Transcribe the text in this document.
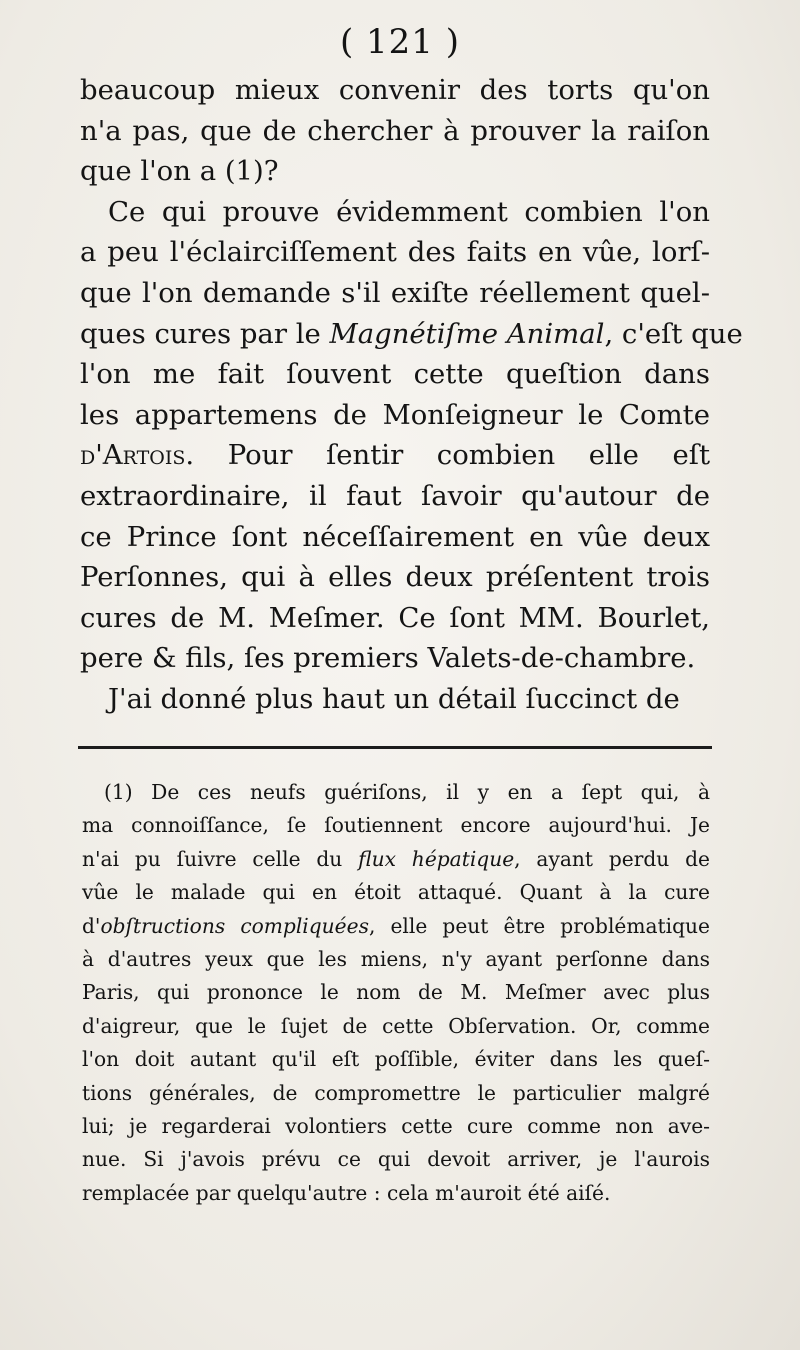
( 121 )
beaucoup mieux convenir des torts qu'on
n'a pas, que de chercher à prouver la raiſon
que l'on a (1)?
Ce qui prouve évidemment combien l'on
a peu l'éclairciſſement des faits en vûe, lorſ-
que l'on demande s'il exiſte réellement quel-
ques cures par le Magnétiſme Animal, c'eſt que
l'on me fait ſouvent cette queſtion dans
les appartemens de Monſeigneur le Comte
d'Artois. Pour ſentir combien elle eſt
extraordinaire, il faut ſavoir qu'autour de
ce Prince ſont néceſſairement en vûe deux
Perſonnes, qui à elles deux préſentent trois
cures de M. Meſmer. Ce ſont MM. Bourlet,
pere & fils, ſes premiers Valets-de-chambre.
J'ai donné plus haut un détail ſuccinct de
(1) De ces neufs guériſons, il y en a ſept qui, à
ma connoiſſance, ſe ſoutiennent encore aujourd'hui. Je
n'ai pu ſuivre celle du flux hépatique, ayant perdu de
vûe le malade qui en étoit attaqué. Quant à la cure
d'obſtructions compliquées, elle peut être problématique
à d'autres yeux que les miens, n'y ayant perſonne dans
Paris, qui prononce le nom de M. Meſmer avec plus
d'aigreur, que le ſujet de cette Obſervation. Or, comme
l'on doit autant qu'il eſt poſſible, éviter dans les queſ-
tions générales, de compromettre le particulier malgré
lui; je regarderai volontiers cette cure comme non ave-
nue. Si j'avois prévu ce qui devoit arriver, je l'aurois
remplacée par quelqu'autre : cela m'auroit été aiſé.
